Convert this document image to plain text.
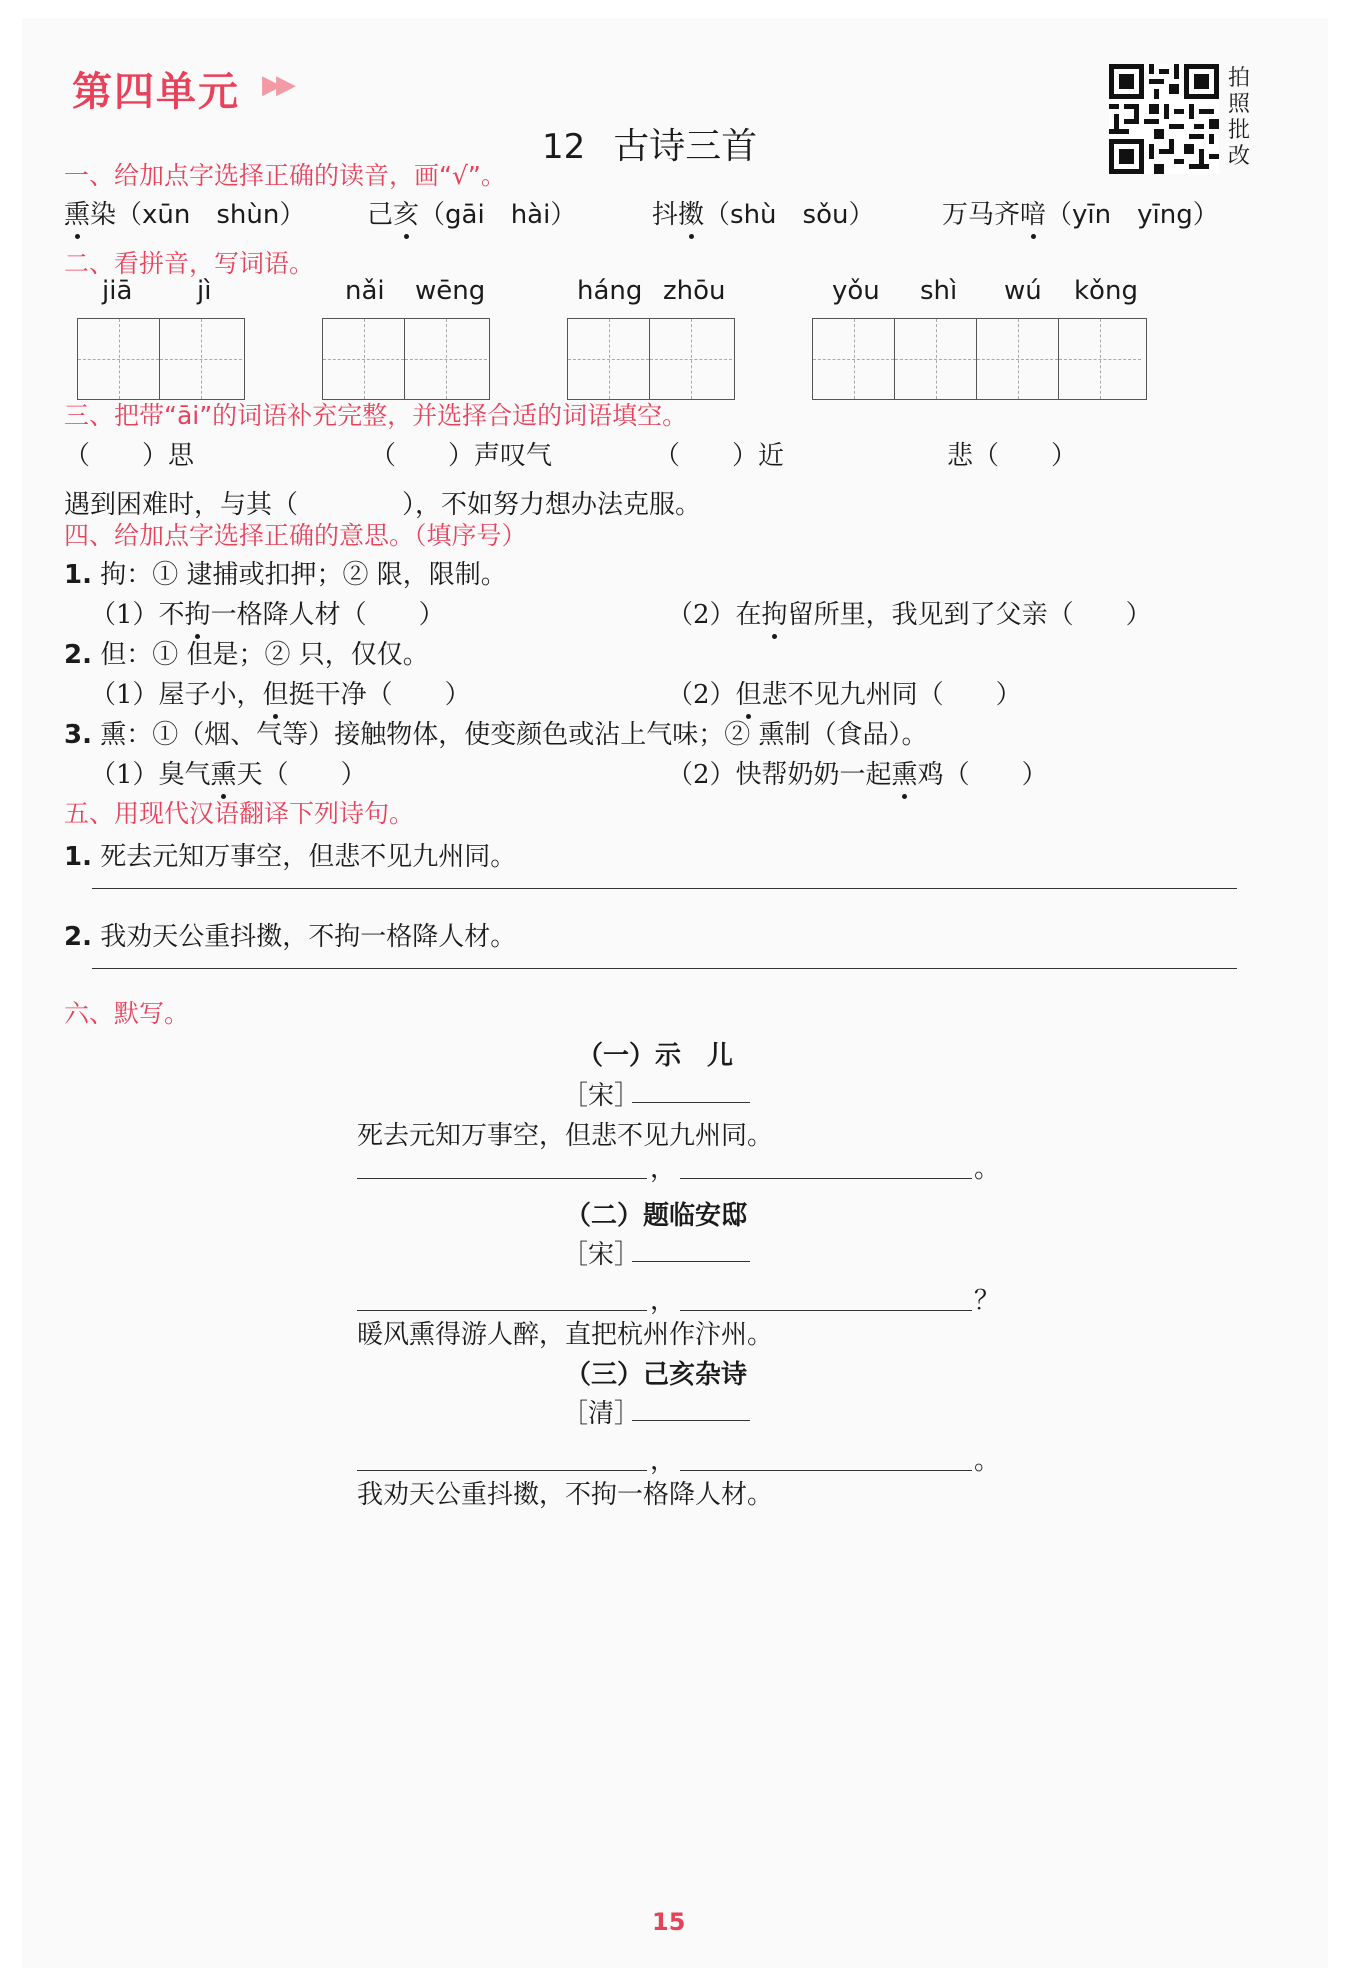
第四单元 ▶▶
12 古诗三首
拍照批改
一、给加点字选择正确的读音，画“√”。
熏染（xūn　shùn） 己亥（gāi　hài）	抖擞（shù　sǒu）	万马齐喑（yīn　yīng）
二、看拼音，写词语。
jiā jì	nǎi wēng	háng zhōu	yǒu shì wú kǒng
三、把带“āi”的词语补充完整，并选择合适的词语填空。
（　　）思	（　　）声叹气	（　　）近	悲（　　）
遇到困难时，与其（　　　　），不如努力想办法克服。
四、给加点字选择正确的意思。（填序号）
1. 拘：① 逮捕或扣押；② 限，限制。
（1）不拘一格降人材（　　）	（2）在拘留所里，我见到了父亲（　　）
2. 但：① 但是；② 只，仅仅。
（1）屋子小，但挺干净（　　）	（2）但悲不见九州同（　　）
3. 熏：①（烟、气等）接触物体，使变颜色或沾上气味；② 熏制（食品）。
（1）臭气熏天（　　）	（2）快帮奶奶一起熏鸡（　　）
五、用现代汉语翻译下列诗句。
1. 死去元知万事空，但悲不见九州同。
2. 我劝天公重抖擞，不拘一格降人材。
六、默写。
（一）示　儿
［宋］
死去元知万事空，但悲不见九州同。
，	。
（二）题临安邸
［宋］
，	？
暖风熏得游人醉，直把杭州作汴州。
（三）己亥杂诗
［清］
，	。
我劝天公重抖擞，不拘一格降人材。
15
